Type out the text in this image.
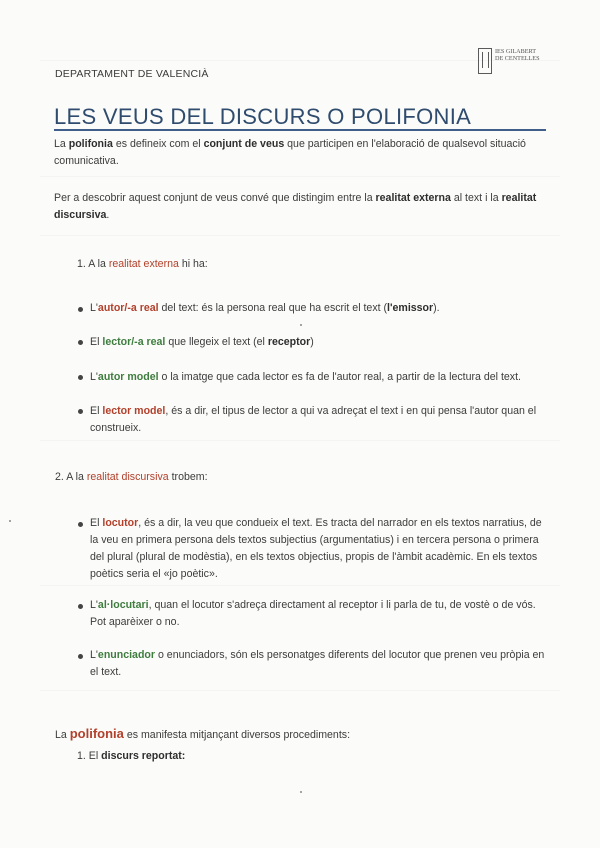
DEPARTAMENT DE VALENCIÀ
IES GILABERT
DE CENTELLES
LES VEUS DEL DISCURS O POLIFONIA
La polifonia es defineix com el conjunt de veus que participen en l'elaboració de qualsevol situació comunicativa.
Per a descobrir aquest conjunt de veus convé que distingim entre la realitat externa al text i la realitat discursiva.
1. A la realitat externa hi ha:
L'autor/-a real del text: és la persona real que ha escrit el text (l'emissor).
El lector/-a real que llegeix el text (el receptor)
L'autor model o la imatge que cada lector es fa de l'autor real, a partir de la lectura del text.
El lector model, és a dir, el tipus de lector a qui va adreçat el text i en qui pensa l'autor quan el construeix.
2. A la realitat discursiva trobem:
El locutor, és a dir, la veu que condueix el text. Es tracta del narrador en els textos narratius, de la veu en primera persona dels textos subjectius (argumentatius) i en tercera persona o primera del plural (plural de modèstia), en els textos objectius, propis de l'àmbit acadèmic. En els textos poètics seria el «jo poètic».
L'al·locutari, quan el locutor s'adreça directament al receptor i li parla de tu, de vostè o de vós. Pot aparèixer o no.
L'enunciador o enunciadors, són els personatges diferents del locutor que prenen veu pròpia en el text.
La polifonia es manifesta mitjançant diversos procediments:
1. El discurs reportat:
